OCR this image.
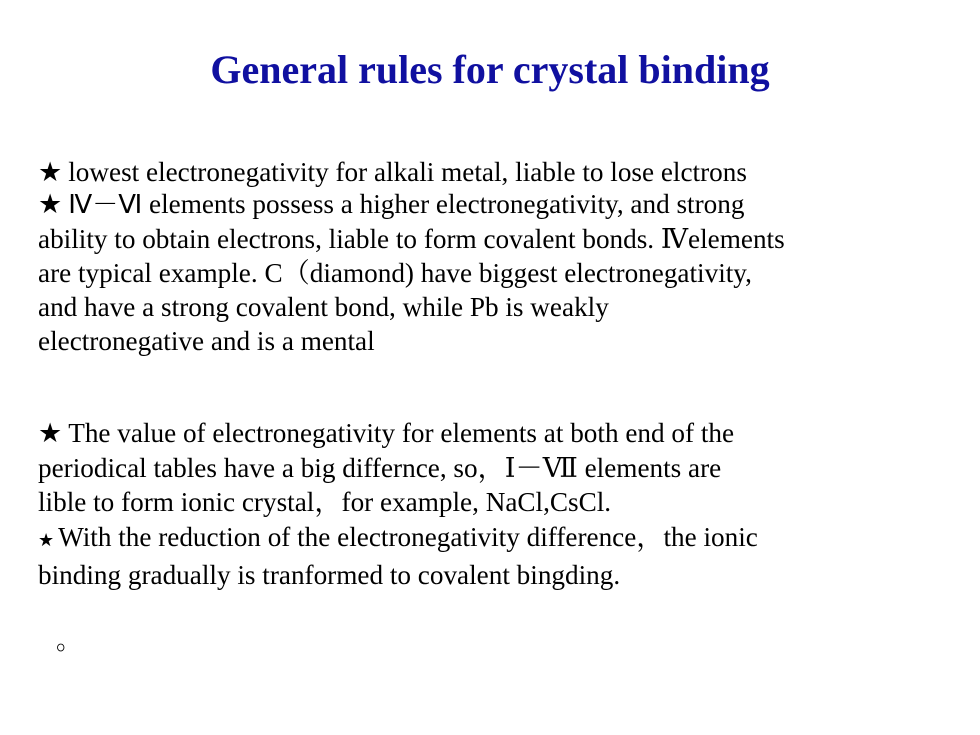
General rules for crystal binding

★ lowest electronegativity for alkali metal, liable to lose elctrons

★ Ⅳ－Ⅵ elements possess a higher electronegativity, and strong
ability to obtain electrons, liable to form covalent bonds. Ⅳelements
are typical example. C（diamond) have biggest electronegativity,
and have a strong covalent bond, while Pb is weakly
electronegative and is a mental

★ The value of electronegativity for elements at both end of the
periodical tables have a big differnce, so，Ⅰ－Ⅶ elements are
lible to form ionic crystal，for example, NaCl,CsCl.

★ With the reduction of the electronegativity difference，the ionic
binding gradually is tranformed to covalent bingding.

。
